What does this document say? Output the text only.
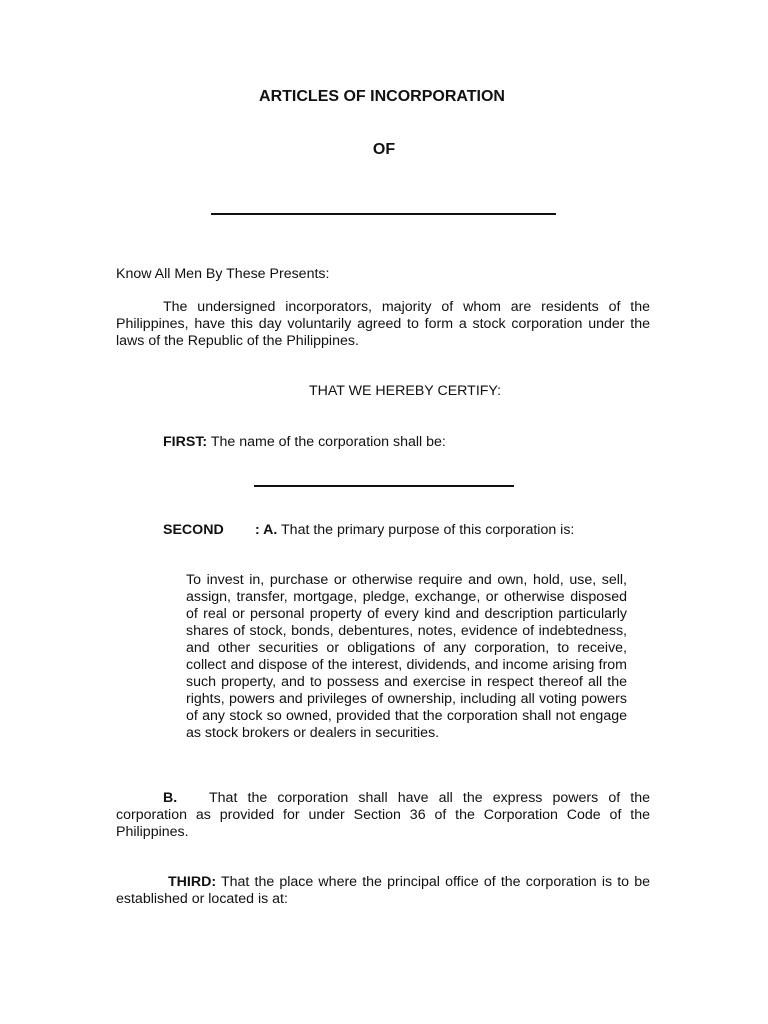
ARTICLES OF INCORPORATION
OF

Know All Men By These Presents:

The undersigned incorporators, majority of whom are residents of the Philippines, have this day voluntarily agreed to form a stock corporation under the laws of the Republic of the Philippines.

THAT WE HEREBY CERTIFY:

FIRST: The name of the corporation shall be:

SECOND : A. That the primary purpose of this corporation is:

To invest in, purchase or otherwise require and own, hold, use, sell, assign, transfer, mortgage, pledge, exchange, or otherwise disposed of real or personal property of every kind and description particularly shares of stock, bonds, debentures, notes, evidence of indebtedness, and other securities or obligations of any corporation, to receive, collect and dispose of the interest, dividends, and income arising from such property, and to possess and exercise in respect thereof all the rights, powers and privileges of ownership, including all voting powers of any stock so owned, provided that the corporation shall not engage as stock brokers or dealers in securities.

B. That the corporation shall have all the express powers of the corporation as provided for under Section 36 of the Corporation Code of the Philippines.

THIRD: That the place where the principal office of the corporation is to be established or located is at:
